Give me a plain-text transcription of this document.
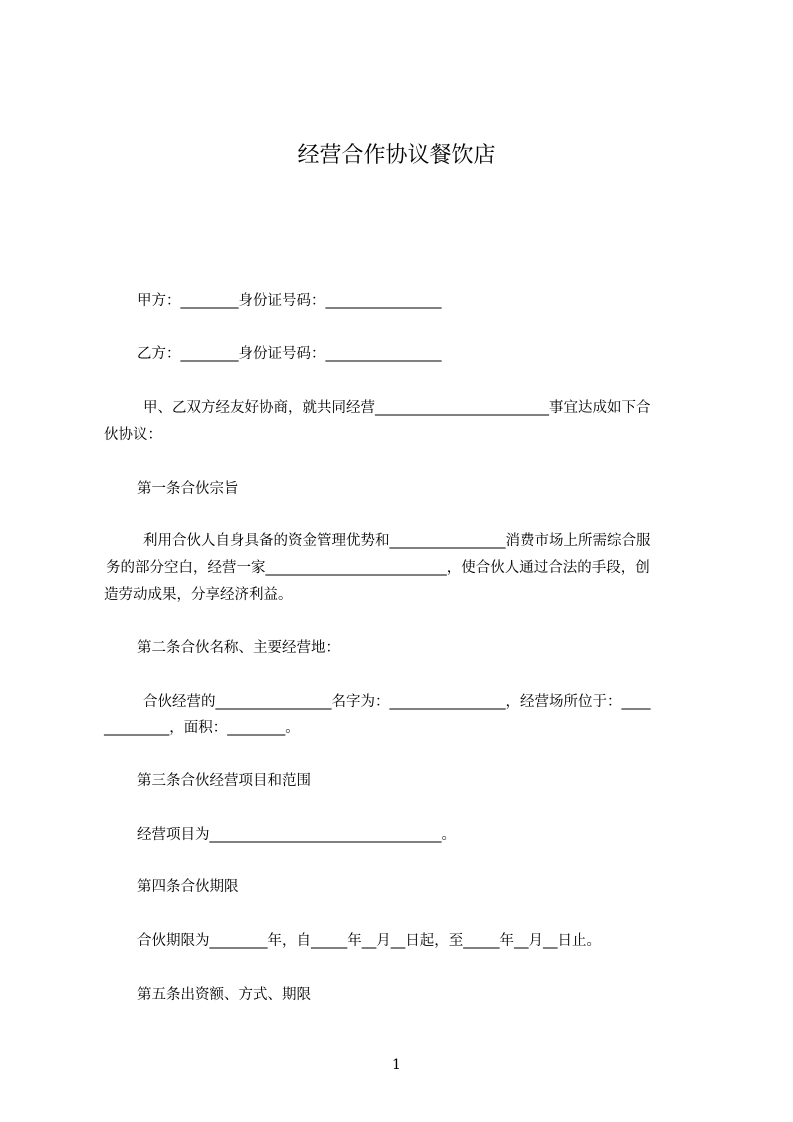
经营合作协议餐饮店
甲方：________身份证号码：________________
乙方：________身份证号码：________________
甲、乙双方经友好协商，就共同经营________________________事宜达成如下合
伙协议：
第一条合伙宗旨
利用合伙人自身具备的资金管理优势和________________消费市场上所需综合服
务的部分空白，经营一家_________________________，使合伙人通过合法的手段，创
造劳动成果，分享经济利益。
第二条合伙名称、主要经营地：
合伙经营的________________名字为：________________，经营场所位于：____
_________，面积：________。
第三条合伙经营项目和范围
经营项目为________________________________。
第四条合伙期限
合伙期限为________年，自_____年__月__日起，至_____年__月__日止。
第五条出资额、方式、期限
1
